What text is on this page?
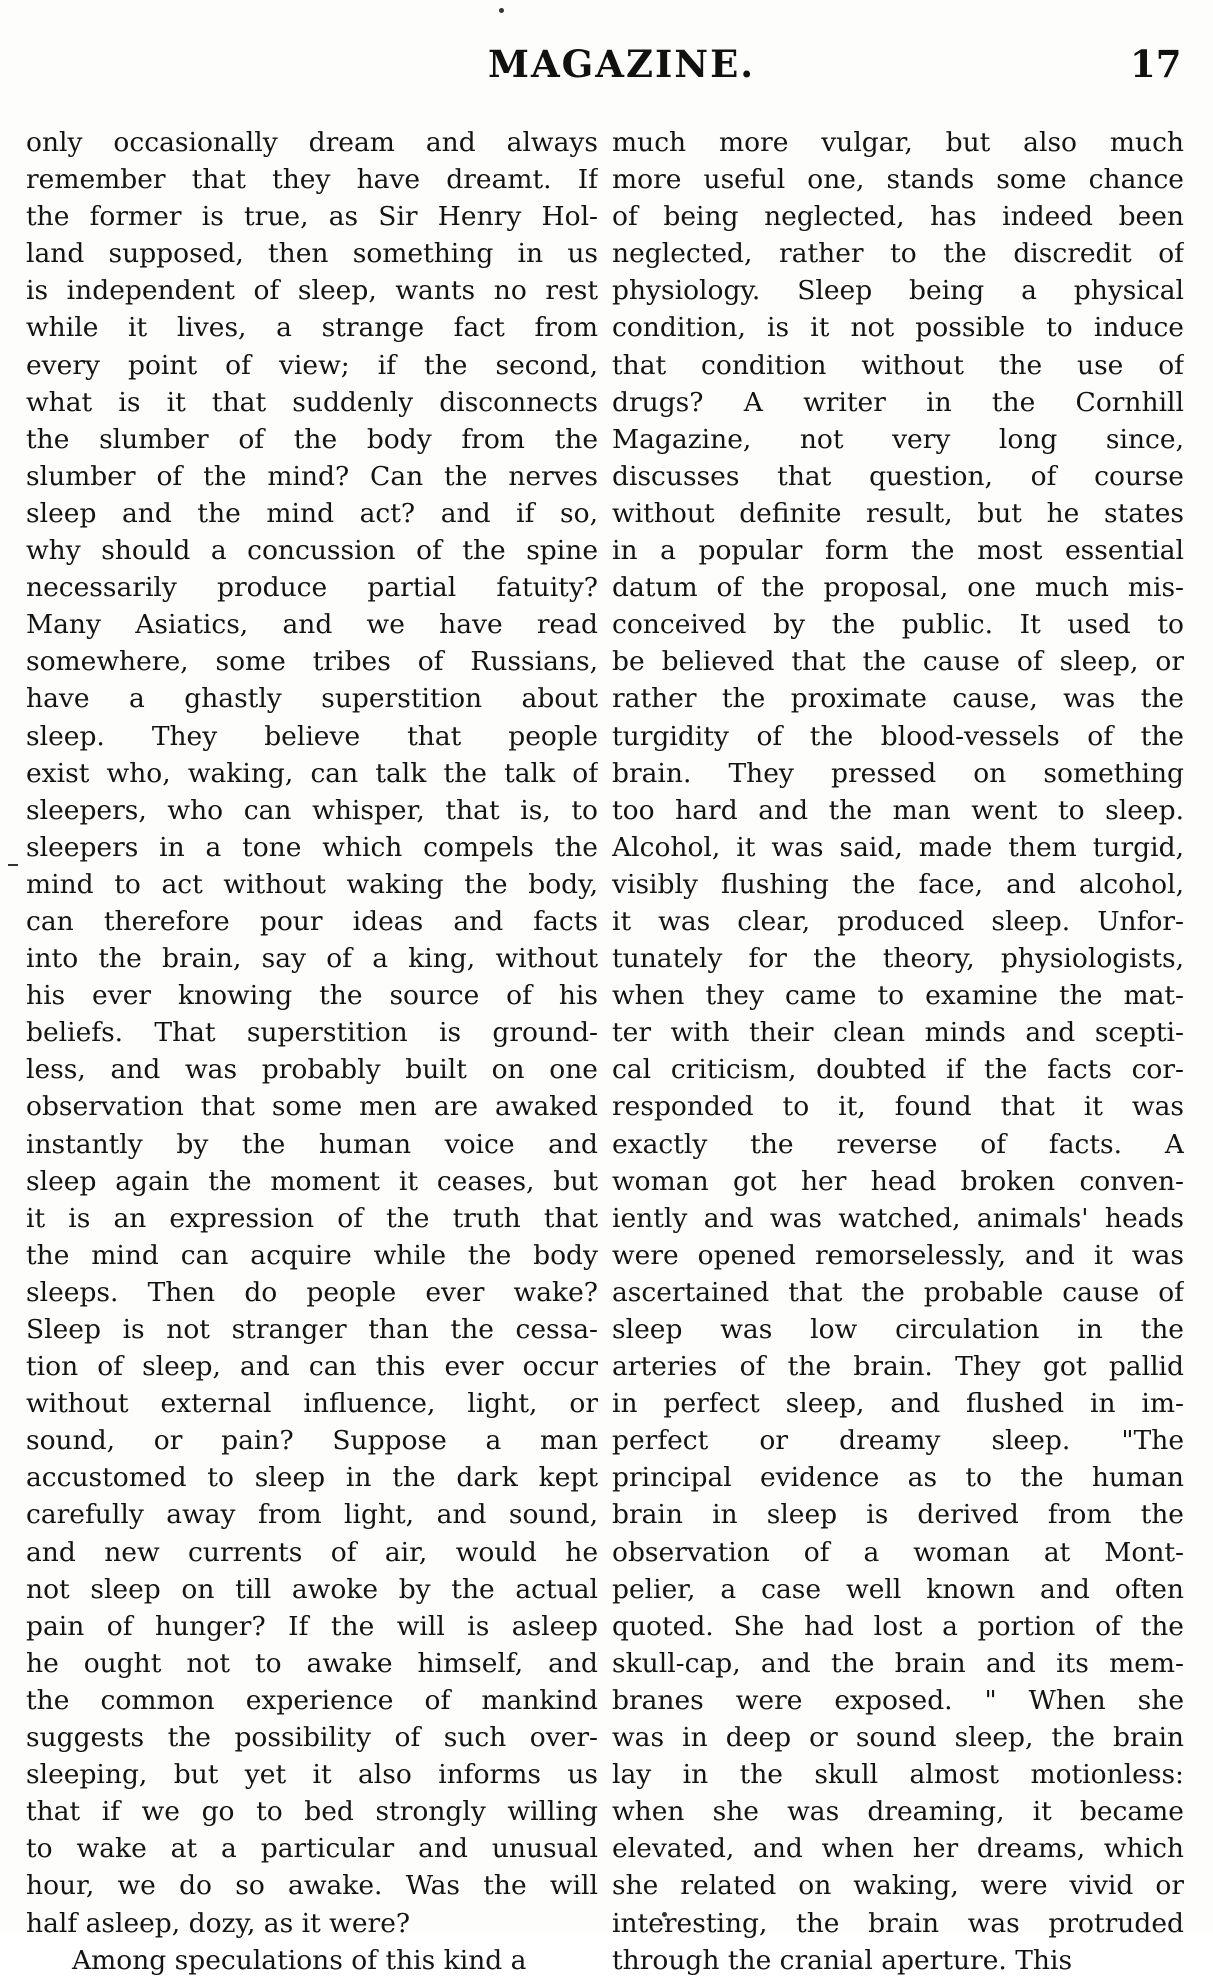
MAGAZINE.	17
only occasionally dream and always
remember that they have dreamt. If
the former is true, as Sir Henry Hol-
land supposed, then something in us
is independent of sleep, wants no rest
while it lives, a strange fact from
every point of view; if the second,
what is it that suddenly disconnects
the slumber of the body from the
slumber of the mind? Can the nerves
sleep and the mind act? and if so,
why should a concussion of the spine
necessarily produce partial fatuity?
Many Asiatics, and we have read
somewhere, some tribes of Russians,
have a ghastly superstition about
sleep. They believe that people
exist who, waking, can talk the talk of
sleepers, who can whisper, that is, to
sleepers in a tone which compels the
mind to act without waking the body,
can therefore pour ideas and facts
into the brain, say of a king, without
his ever knowing the source of his
beliefs. That superstition is ground-
less, and was probably built on one
observation that some men are awaked
instantly by the human voice and
sleep again the moment it ceases, but
it is an expression of the truth that
the mind can acquire while the body
sleeps. Then do people ever wake?
Sleep is not stranger than the cessa-
tion of sleep, and can this ever occur
without external influence, light, or
sound, or pain? Suppose a man
accustomed to sleep in the dark kept
carefully away from light, and sound,
and new currents of air, would he
not sleep on till awoke by the actual
pain of hunger? If the will is asleep
he ought not to awake himself, and
the common experience of mankind
suggests the possibility of such over-
sleeping, but yet it also informs us
that if we go to bed strongly willing
to wake at a particular and unusual
hour, we do so awake. Was the will
half asleep, dozy, as it were?
Among speculations of this kind a
much more vulgar, but also much
more useful one, stands some chance
of being neglected, has indeed been
neglected, rather to the discredit of
physiology. Sleep being a physical
condition, is it not possible to induce
that condition without the use of
drugs? A writer in the Cornhill
Magazine, not very long since,
discusses that question, of course
without definite result, but he states
in a popular form the most essential
datum of the proposal, one much mis-
conceived by the public. It used to
be believed that the cause of sleep, or
rather the proximate cause, was the
turgidity of the blood-vessels of the
brain. They pressed on something
too hard and the man went to sleep.
Alcohol, it was said, made them turgid,
visibly flushing the face, and alcohol,
it was clear, produced sleep. Unfor-
tunately for the theory, physiologists,
when they came to examine the mat-
ter with their clean minds and scepti-
cal criticism, doubted if the facts cor-
responded to it, found that it was
exactly the reverse of facts. A
woman got her head broken conven-
iently and was watched, animals' heads
were opened remorselessly, and it was
ascertained that the probable cause of
sleep was low circulation in the
arteries of the brain. They got pallid
in perfect sleep, and flushed in im-
perfect or dreamy sleep. "The
principal evidence as to the human
brain in sleep is derived from the
observation of a woman at Mont-
pelier, a case well known and often
quoted. She had lost a portion of the
skull-cap, and the brain and its mem-
branes were exposed. " When she
was in deep or sound sleep, the brain
lay in the skull almost motionless:
when she was dreaming, it became
elevated, and when her dreams, which
she related on waking, were vivid or
interesting, the brain was protruded
through the cranial aperture. This
